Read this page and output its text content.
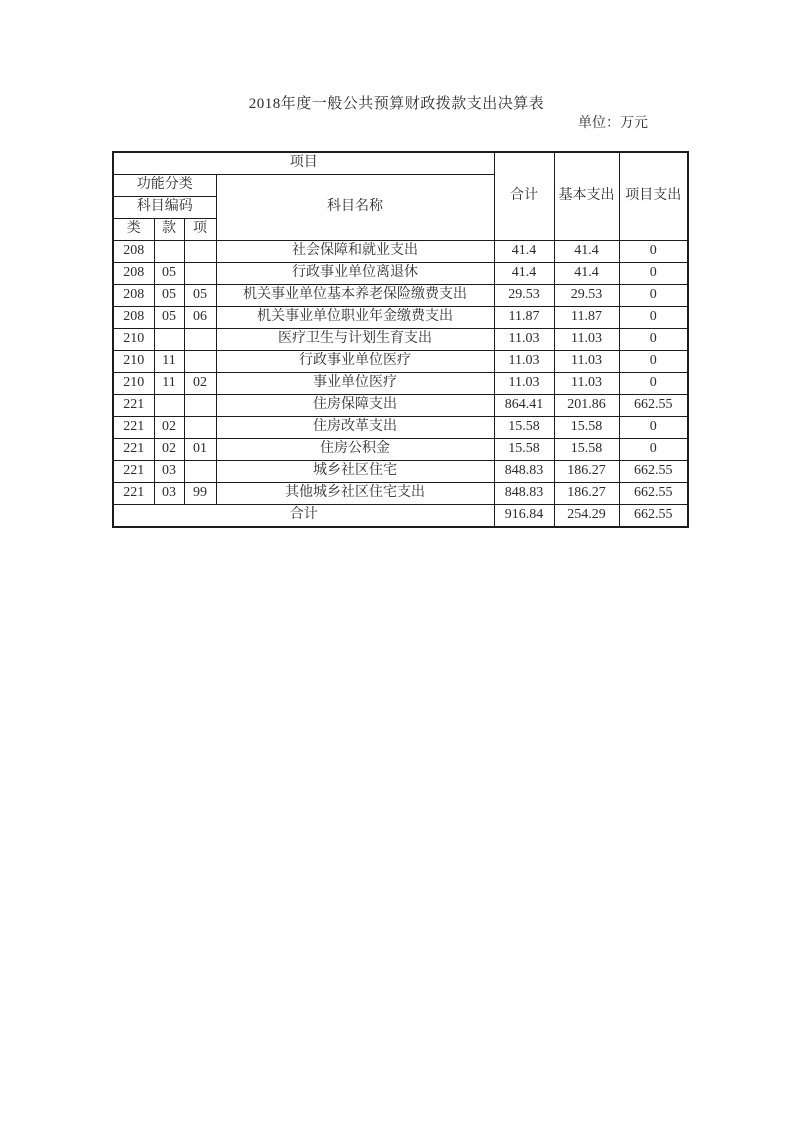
2018年度一般公共预算财政拨款支出决算表
单位：万元
项目				合计	基本支出	项目支出
功能分类			科目名称			
科目编码						
类	款	项				
208			社会保障和就业支出	41.4	41.4	0
208	05		行政事业单位离退休	41.4	41.4	0
208	05	05	机关事业单位基本养老保险缴费支出	29.53	29.53	0
208	05	06	机关事业单位职业年金缴费支出	11.87	11.87	0
210			医疗卫生与计划生育支出	11.03	11.03	0
210	11		行政事业单位医疗	11.03	11.03	0
210	11	02	事业单位医疗	11.03	11.03	0
221			住房保障支出	864.41	201.86	662.55
221	02		住房改革支出	15.58	15.58	0
221	02	01	住房公积金	15.58	15.58	0
221	03		城乡社区住宅	848.83	186.27	662.55
221	03	99	其他城乡社区住宅支出	848.83	186.27	662.55
合计				916.84	254.29	662.55
